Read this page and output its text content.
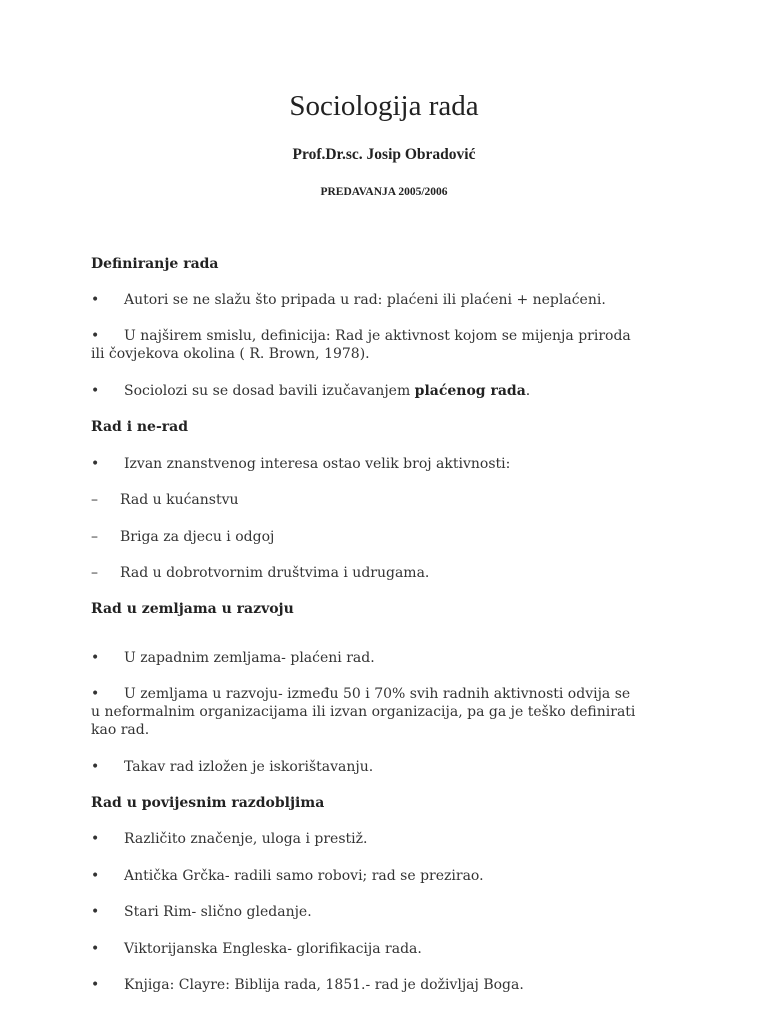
Sociologija rada
Prof.Dr.sc. Josip Obradović
PREDAVANJA 2005/2006
Definiranje rada
• Autori se ne slažu što pripada u rad: plaćeni ili plaćeni + neplaćeni.
• U najširem smislu, definicija: Rad je aktivnost kojom se mijenja priroda
ili čovjekova okolina ( R. Brown, 1978).
• Sociolozi su se dosad bavili izučavanjem plaćenog rada.
Rad i ne-rad
• Izvan znanstvenog interesa ostao velik broj aktivnosti:
– Rad u kućanstvu
– Briga za djecu i odgoj
– Rad u dobrotvornim društvima i udrugama.
Rad u zemljama u razvoju
• U zapadnim zemljama- plaćeni rad.
• U zemljama u razvoju- između 50 i 70% svih radnih aktivnosti odvija se
u neformalnim organizacijama ili izvan organizacija, pa ga je teško definirati
kao rad.
• Takav rad izložen je iskorištavanju.
Rad u povijesnim razdobljima
• Različito značenje, uloga i prestiž.
• Antička Grčka- radili samo robovi; rad se prezirao.
• Stari Rim- slično gledanje.
• Viktorijanska Engleska- glorifikacija rada.
• Knjiga: Clayre: Biblija rada, 1851.- rad je doživljaj Boga.
